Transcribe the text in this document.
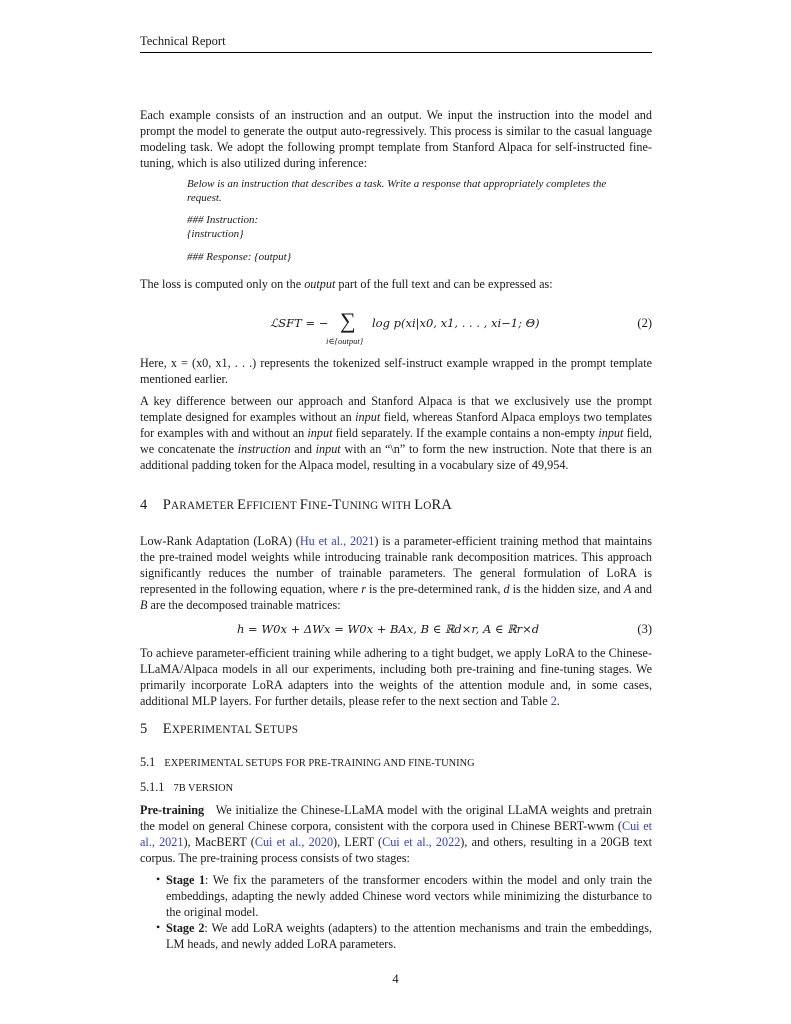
Technical Report
Each example consists of an instruction and an output. We input the instruction into the model and prompt the model to generate the output auto-regressively. This process is similar to the casual language modeling task. We adopt the following prompt template from Stanford Alpaca for self-instructed fine-tuning, which is also utilized during inference:
Below is an instruction that describes a task. Write a response that appropriately completes the request.
### Instruction:
{instruction}
### Response: {output}
The loss is computed only on the output part of the full text and can be expressed as:
ℒSFT = − ∑ log p(xi|x0, x1, . . . , xi−1; Θ)
i∈{output}
(2)
Here, x = (x0, x1, . . .) represents the tokenized self-instruct example wrapped in the prompt template mentioned earlier.
A key difference between our approach and Stanford Alpaca is that we exclusively use the prompt template designed for examples without an input field, whereas Stanford Alpaca employs two templates for examples with and without an input field separately. If the example contains a non-empty input field, we concatenate the instruction and input with an “\n” to form the new instruction. Note that there is an additional padding token for the Alpaca model, resulting in a vocabulary size of 49,954.
4 PARAMETER EFFICIENT FINE-TUNING WITH LORA
Low-Rank Adaptation (LoRA) (Hu et al., 2021) is a parameter-efficient training method that maintains the pre-trained model weights while introducing trainable rank decomposition matrices. This approach significantly reduces the number of trainable parameters. The general formulation of LoRA is represented in the following equation, where r is the pre-determined rank, d is the hidden size, and A and B are the decomposed trainable matrices:
h = W0x + ΔWx = W0x + BAx, B ∈ ℝd×r, A ∈ ℝr×d	(3)
To achieve parameter-efficient training while adhering to a tight budget, we apply LoRA to the Chinese-LLaMA/Alpaca models in all our experiments, including both pre-training and fine-tuning stages. We primarily incorporate LoRA adapters into the weights of the attention module and, in some cases, additional MLP layers. For further details, please refer to the next section and Table 2.
5 EXPERIMENTAL SETUPS
5.1 EXPERIMENTAL SETUPS FOR PRE-TRAINING AND FINE-TUNING
5.1.1 7B VERSION
Pre-training We initialize the Chinese-LLaMA model with the original LLaMA weights and pretrain the model on general Chinese corpora, consistent with the corpora used in Chinese BERT-wwm (Cui et al., 2021), MacBERT (Cui et al., 2020), LERT (Cui et al., 2022), and others, resulting in a 20GB text corpus. The pre-training process consists of two stages:
• Stage 1: We fix the parameters of the transformer encoders within the model and only train the embeddings, adapting the newly added Chinese word vectors while minimizing the disturbance to the original model.
• Stage 2: We add LoRA weights (adapters) to the attention mechanisms and train the embeddings, LM heads, and newly added LoRA parameters.
4
